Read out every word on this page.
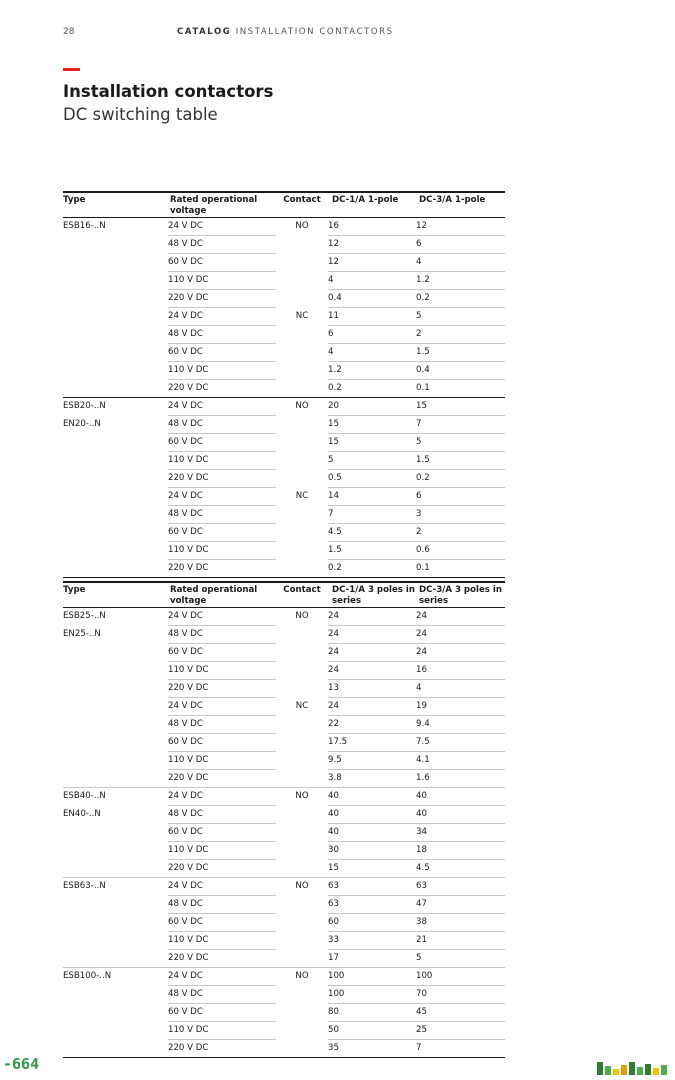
28	CATALOG INSTALLATION CONTACTORS
Installation contactors
DC switching table
Type	Rated operational voltage	Contact	DC-1/A 1-pole	DC-3/A 1-pole
ESB16-..N	24 V DC	NO	16	12
	48 V DC		12	6
	60 V DC		12	4
	110 V DC		4	1.2
	220 V DC		0.4	0.2
	24 V DC	NC	11	5
	48 V DC		6	2
	60 V DC		4	1.5
	110 V DC		1.2	0.4
	220 V DC		0.2	0.1
ESB20-..N	24 V DC	NO	20	15
EN20-..N	48 V DC		15	7
	60 V DC		15	5
	110 V DC		5	1.5
	220 V DC		0.5	0.2
	24 V DC	NC	14	6
	48 V DC		7	3
	60 V DC		4.5	2
	110 V DC		1.5	0.6
	220 V DC		0.2	0.1
Type	Rated operational voltage	Contact	DC-1/A 3 poles in series	DC-3/A 3 poles in series
ESB25-..N	24 V DC	NO	24	24
EN25-..N	48 V DC		24	24
	60 V DC		24	24
	110 V DC		24	16
	220 V DC		13	4
	24 V DC	NC	24	19
	48 V DC		22	9.4
	60 V DC		17.5	7.5
	110 V DC		9.5	4.1
	220 V DC		3.8	1.6
ESB40-..N	24 V DC	NO	40	40
EN40-..N	48 V DC		40	40
	60 V DC		40	34
	110 V DC		30	18
	220 V DC		15	4.5
ESB63-..N	24 V DC	NO	63	63
	48 V DC		63	47
	60 V DC		60	38
	110 V DC		33	21
	220 V DC		17	5
ESB100-..N	24 V DC	NO	100	100
	48 V DC		100	70
	60 V DC		80	45
	110 V DC		50	25
	220 V DC		35	7
-664
